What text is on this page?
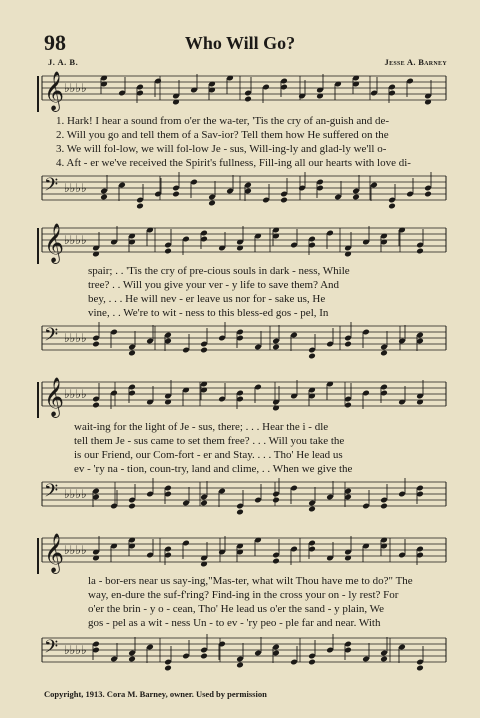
98	Who Will Go?
J. A. B.	Jesse A. Barney
𝄞 ♭♭♭♭
1. Hark! I hear a sound from o'er the wa-ter, 'Tis the cry of an-guish and de-
2. Will you go and tell them of a Sav-ior? Tell them how He suffered on the
3. We will fol-low, we will fol-low Je - sus, Will-ing-ly and glad-ly we'll o-
4. Aft - er we've received the Spirit's fullness, Fill-ing all our hearts with love di-
𝄢 ♭♭♭♭
𝄞 ♭♭♭♭
spair; . . 'Tis the cry of pre-cious souls in dark - ness, While
tree? . . Will you give your ver - y life to save them? And
bey, . . . He will nev - er leave us nor for - sake us, He
vine, . . We're to wit - ness to this bless-ed gos - pel, In
𝄢 ♭♭♭♭
𝄞 ♭♭♭♭
wait-ing for the light of Je - sus, there; . . . Hear the i - dle
tell them Je - sus came to set them free? . . . Will you take the
is our Friend, our Com-fort - er and Stay. . . . Tho' He lead us
ev - 'ry na - tion, coun-try, land and clime, . . When we give the
𝄢 ♭♭♭♭
𝄞 ♭♭♭♭
la - bor-ers near us say-ing,"Mas-ter, what wilt Thou have me to do?" The
way, en-dure the suf-f'ring? Find-ing in the cross your on - ly rest? For
o'er the brin - y o - cean, Tho' He lead us o'er the sand - y plain, We
gos - pel as a wit - ness Un - to ev - 'ry peo - ple far and near. With
𝄢 ♭♭♭♭
Copyright, 1913. Cora M. Barney, owner. Used by permission
